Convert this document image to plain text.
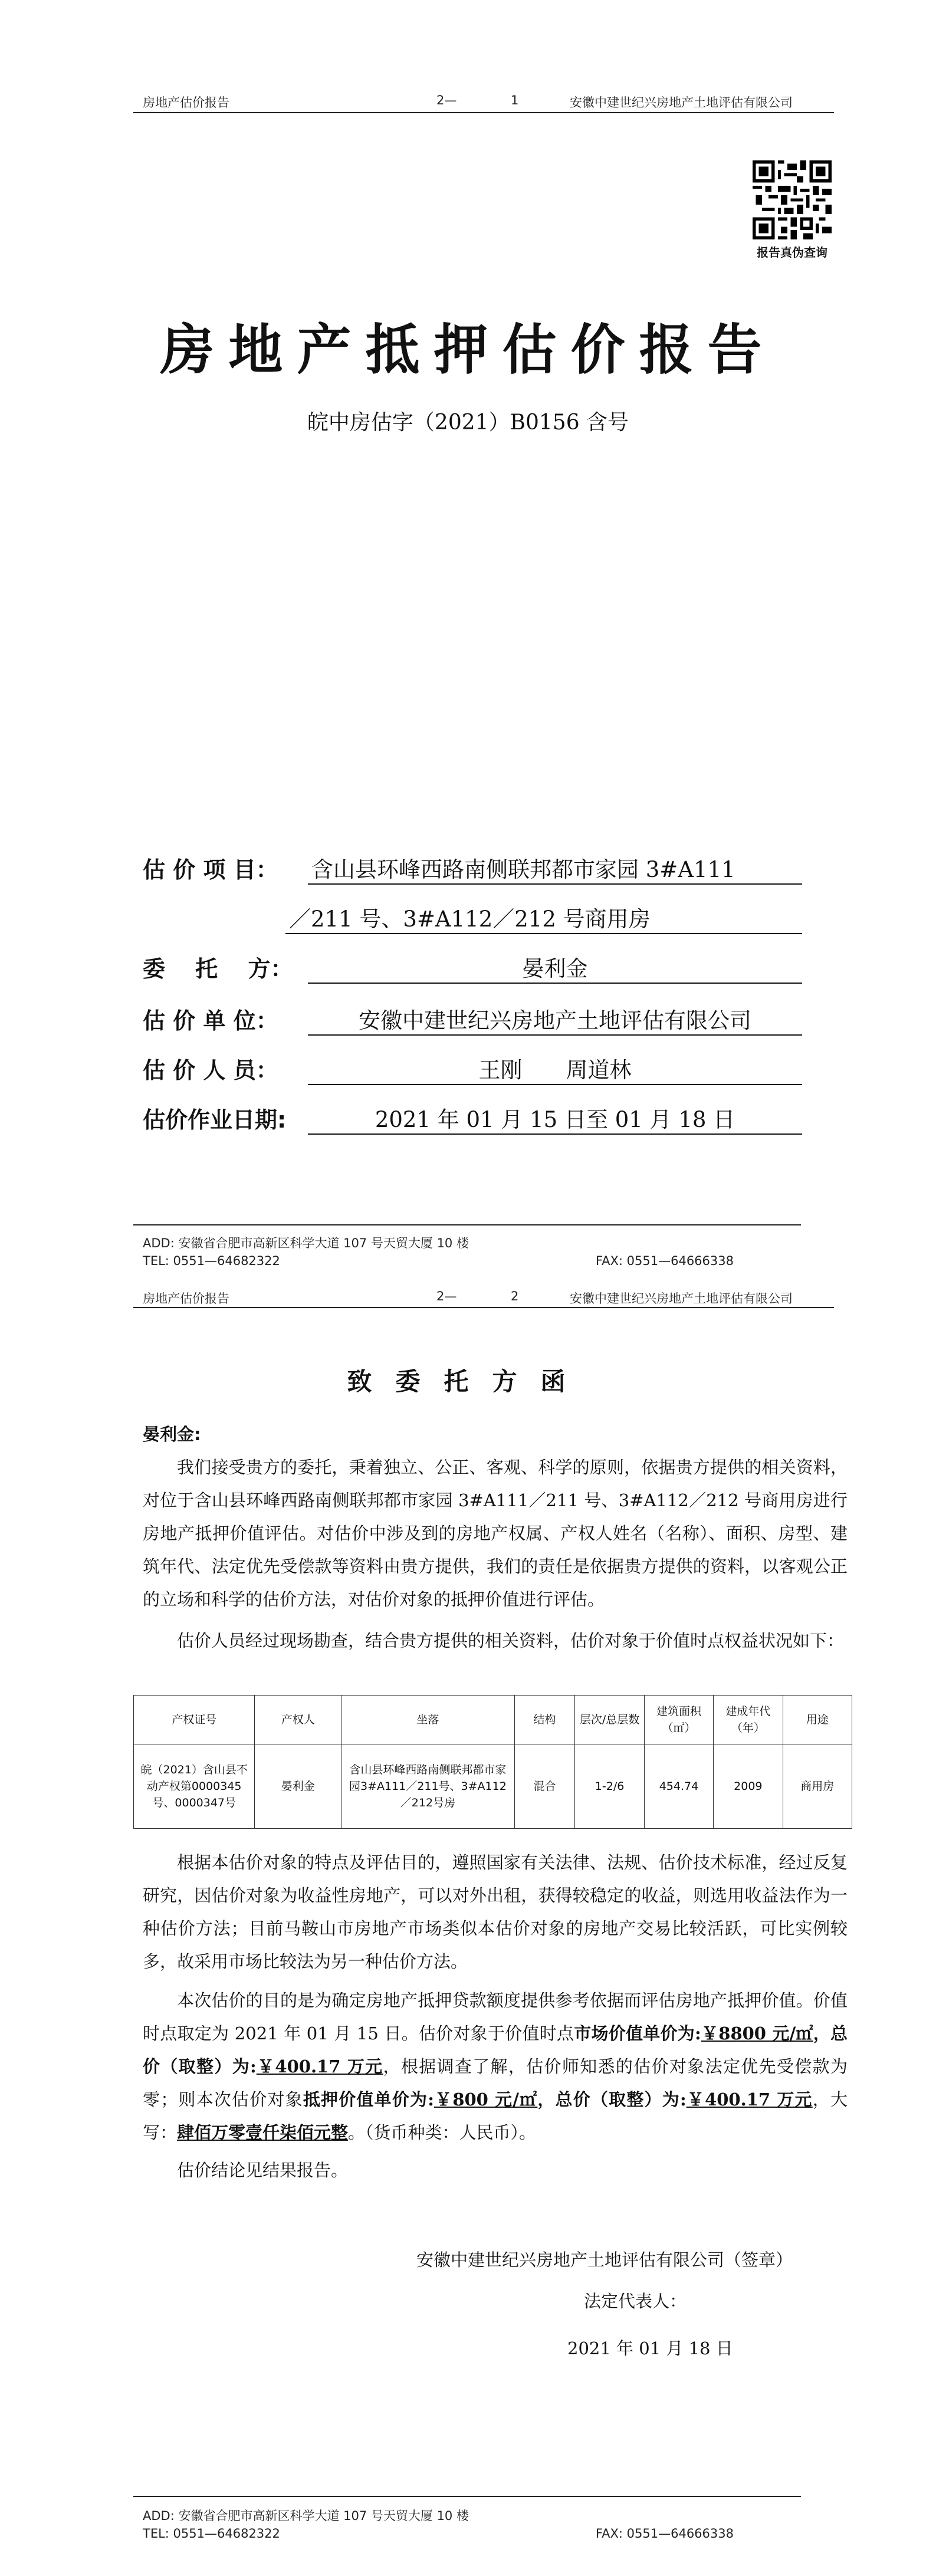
房地产估价报告	2—	1	安徽中建世纪兴房地产土地评估有限公司
报告真伪查询
房地产抵押估价报告
皖中房估字（2021）B0156 含号
估 价 项 目： 含山县环峰西路南侧联邦都市家园 3#A111
／211 号、3#A112／212 号商用房
委　 托　 方：	晏利金
估 价 单 位：	安徽中建世纪兴房地产土地评估有限公司
估 价 人 员：	王刚　　周道林
估价作业日期:	2021 年 01 月 15 日至 01 月 18 日
ADD: 安徽省合肥市高新区科学大道 107 号天贸大厦 10 楼
TEL: 0551—64682322	FAX: 0551—64666338
房地产估价报告	2—	2	安徽中建世纪兴房地产土地评估有限公司
致委托方函
晏利金:
我们接受贵方的委托，秉着独立、公正、客观、科学的原则，依据贵方提供的相关资料，对位于含山县环峰西路南侧联邦都市家园 3#A111／211 号、3#A112／212 号商用房进行房地产抵押价值评估。对估价中涉及到的房地产权属、产权人姓名（名称）、面积、房型、建筑年代、法定优先受偿款等资料由贵方提供，我们的责任是依据贵方提供的资料，以客观公正的立场和科学的估价方法，对估价对象的抵押价值进行评估。
估价人员经过现场勘查，结合贵方提供的相关资料，估价对象于价值时点权益状况如下：
产权证号	产权人	坐落	结构	层次/总层数	建筑面积（㎡）	建成年代（年）	用途
皖（2021）含山县不动产权第0000345号、0000347号	晏利金	含山县环峰西路南侧联邦都市家园3#A111／211号、3#A112／212号房	混合	1-2/6	454.74	2009	商用房
根据本估价对象的特点及评估目的，遵照国家有关法律、法规、估价技术标准，经过反复研究，因估价对象为收益性房地产，可以对外出租，获得较稳定的收益，则选用收益法作为一种估价方法；目前马鞍山市房地产市场类似本估价对象的房地产交易比较活跃，可比实例较多，故采用市场比较法为另一种估价方法。
本次估价的目的是为确定房地产抵押贷款额度提供参考依据而评估房地产抵押价值。价值时点取定为 2021 年 01 月 15 日。估价对象于价值时点市场价值单价为:￥8800 元/㎡，总价（取整）为:￥400.17 万元，根据调查了解，估价师知悉的估价对象法定优先受偿款为零；则本次估价对象抵押价值单价为:￥800 元/㎡，总价（取整）为:￥400.17 万元，大写：肆佰万零壹仟柒佰元整。（货币种类：人民币）。
估价结论见结果报告。
安徽中建世纪兴房地产土地评估有限公司（签章）
法定代表人：
2021 年 01 月 18 日
ADD: 安徽省合肥市高新区科学大道 107 号天贸大厦 10 楼
TEL: 0551—64682322	FAX: 0551—64666338
